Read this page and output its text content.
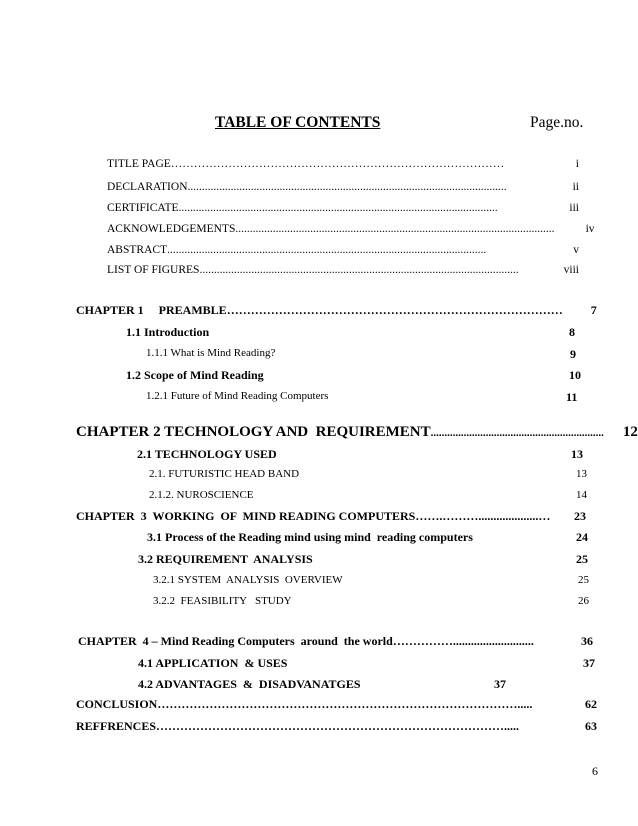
TABLE OF CONTENTS	Page.no.
TITLE PAGE ……………………………………………………………………………	i
DECLARATION ...............................................................................................................	ii
CERTIFICATE ...............................................................................................................	iii
ACKNOWLEDGEMENTS ...............................................................................................................	iv
ABSTRACT ...............................................................................................................	v
LIST OF FIGURES ...............................................................................................................	viii
CHAPTER 1     PREAMBLE …………………………………………………………………………	7
1.1 Introduction	8
1.1.1 What is Mind Reading?	9
1.2 Scope of Mind Reading	10
1.2.1 Future of Mind Reading Computers	11
CHAPTER 2 TECHNOLOGY AND  REQUIREMENT ...............................................................	12
2.1 TECHNOLOGY USED	13
2.1. FUTURISTIC HEAD BAND	13
2.1.2. NUROSCIENCE	14
CHAPTER  3  WORKING  OF  MIND READING COMPUTERS …….………....................…	23
3.1 Process of the Reading mind using mind  reading computers	24
3.2 REQUIREMENT  ANALYSIS	25
3.2.1 SYSTEM  ANALYSIS  OVERVIEW	25
3.2.2  FEASIBILITY   STUDY	26
CHAPTER  4 – Mind Reading Computers  around  the world ……………...........................	36
4.1 APPLICATION  & USES	37
4.2 ADVANTAGES  &  DISADVANATGES	37
CONCLUSION ……………………………………………………………………………….....	62
REFFRENCES …………………………………………………………………………….....	63
6
